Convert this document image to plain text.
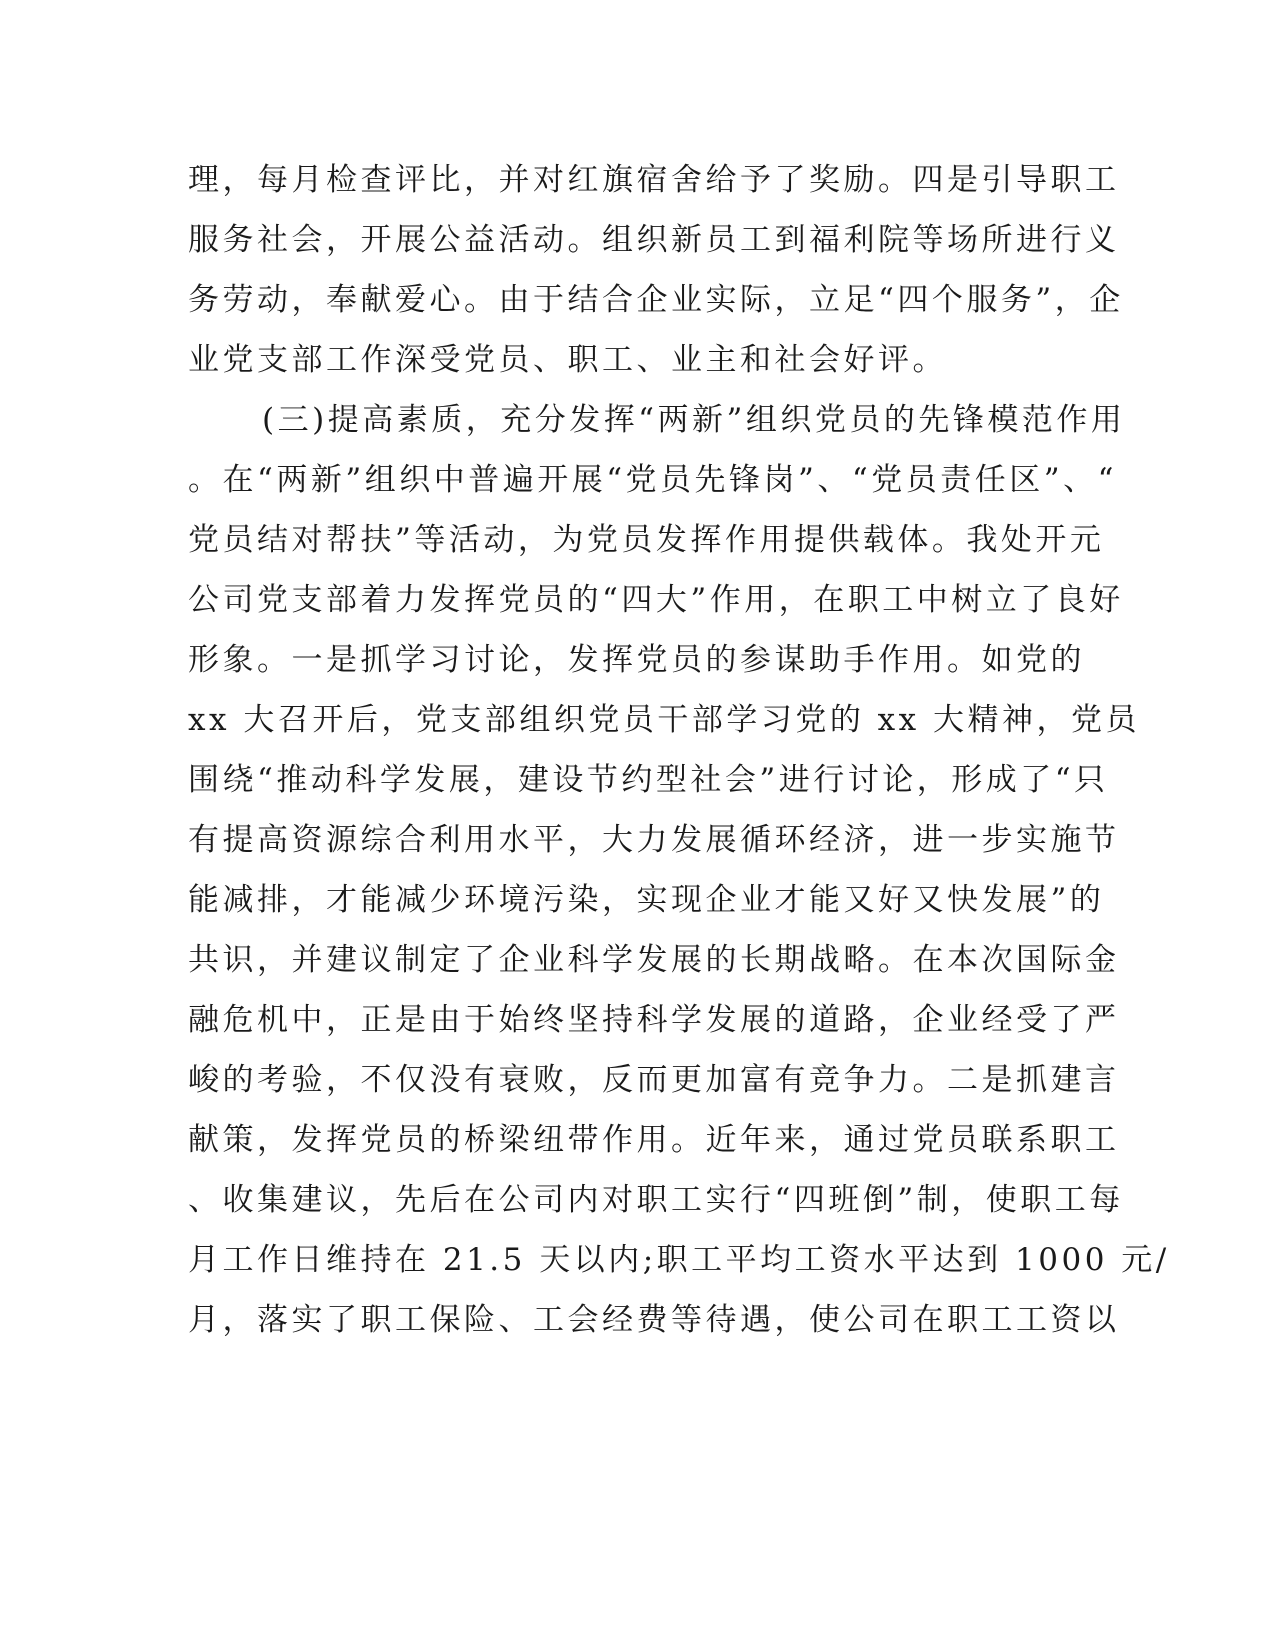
理，每月检查评比，并对红旗宿舍给予了奖励。四是引导职工
服务社会，开展公益活动。组织新员工到福利院等场所进行义
务劳动，奉献爱心。由于结合企业实际，立足“四个服务”，企
业党支部工作深受党员、职工、业主和社会好评。
(三)提高素质，充分发挥“两新”组织党员的先锋模范作用
。在“两新”组织中普遍开展“党员先锋岗”、“党员责任区”、“
党员结对帮扶”等活动，为党员发挥作用提供载体。我处开元
公司党支部着力发挥党员的“四大”作用，在职工中树立了良好
形象。一是抓学习讨论，发挥党员的参谋助手作用。如党的
xx 大召开后，党支部组织党员干部学习党的 xx 大精神，党员
围绕“推动科学发展，建设节约型社会”进行讨论，形成了“只
有提高资源综合利用水平，大力发展循环经济，进一步实施节
能减排，才能减少环境污染，实现企业才能又好又快发展”的
共识，并建议制定了企业科学发展的长期战略。在本次国际金
融危机中，正是由于始终坚持科学发展的道路，企业经受了严
峻的考验，不仅没有衰败，反而更加富有竞争力。二是抓建言
献策，发挥党员的桥梁纽带作用。近年来，通过党员联系职工
、收集建议，先后在公司内对职工实行“四班倒”制，使职工每
月工作日维持在 21.5 天以内;职工平均工资水平达到 1000 元/
月，落实了职工保险、工会经费等待遇，使公司在职工工资以
